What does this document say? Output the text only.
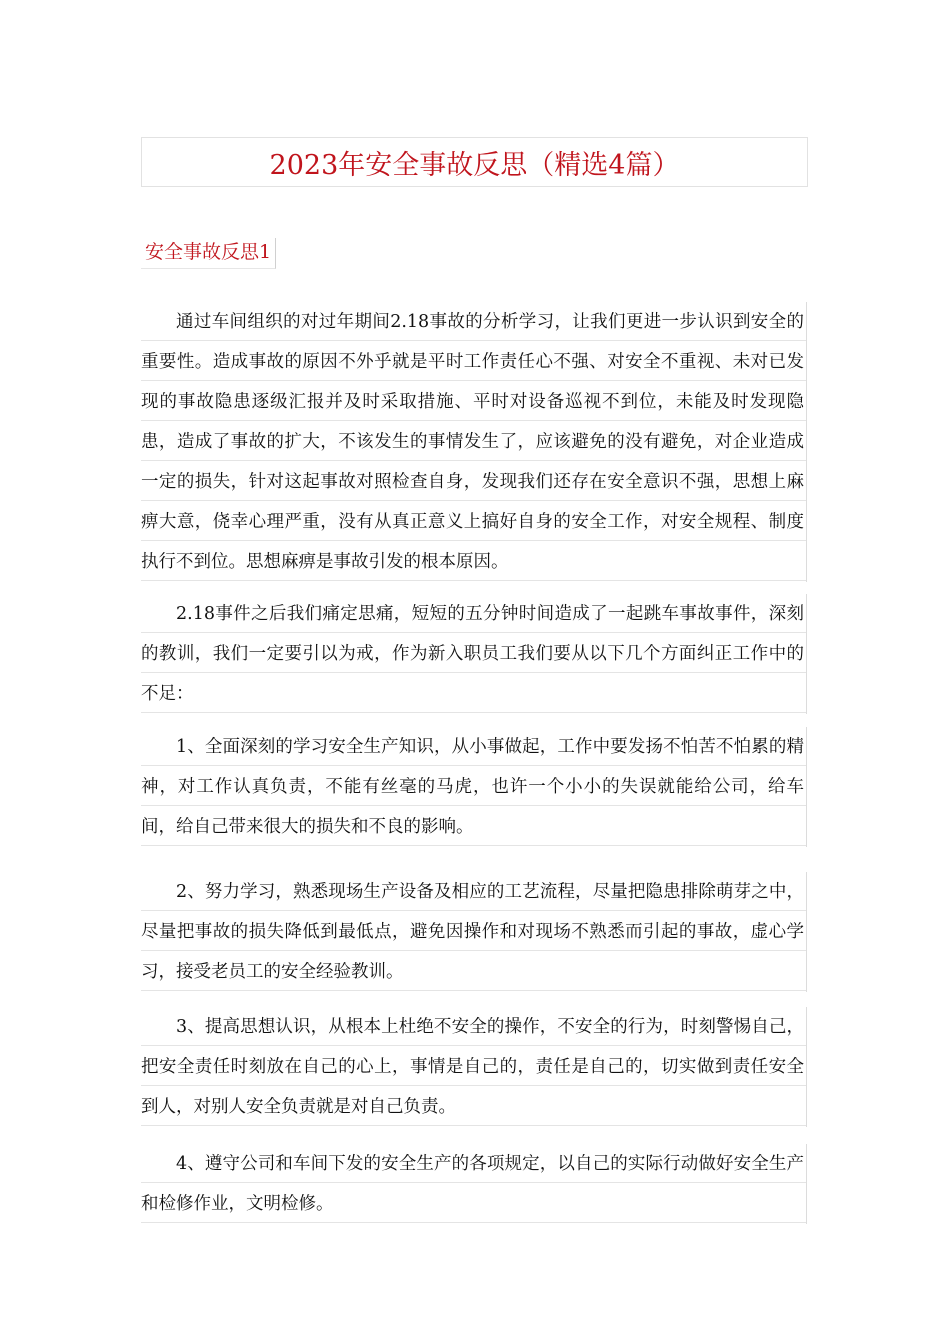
2023年安全事故反思（精选4篇）
安全事故反思1

通过车间组织的对过年期间2.18事故的分析学习，让我们更进一步认识到安全的重要性。造成事故的原因不外乎就是平时工作责任心不强、对安全不重视、未对已发现的事故隐患逐级汇报并及时采取措施、平时对设备巡视不到位，未能及时发现隐患，造成了事故的扩大，不该发生的事情发生了，应该避免的没有避免，对企业造成一定的损失，针对这起事故对照检查自身，发现我们还存在安全意识不强，思想上麻痹大意，侥幸心理严重，没有从真正意义上搞好自身的安全工作，对安全规程、制度执行不到位。思想麻痹是事故引发的根本原因。

2.18事件之后我们痛定思痛，短短的五分钟时间造成了一起跳车事故事件，深刻的教训，我们一定要引以为戒，作为新入职员工我们要从以下几个方面纠正工作中的不足：

1、全面深刻的学习安全生产知识，从小事做起，工作中要发扬不怕苦不怕累的精神，对工作认真负责，不能有丝毫的马虎，也许一个小小的失误就能给公司，给车间，给自己带来很大的损失和不良的影响。

2、努力学习，熟悉现场生产设备及相应的工艺流程，尽量把隐患排除萌芽之中，尽量把事故的损失降低到最低点，避免因操作和对现场不熟悉而引起的事故，虚心学习，接受老员工的安全经验教训。

3、提高思想认识，从根本上杜绝不安全的操作，不安全的行为，时刻警惕自己，把安全责任时刻放在自己的心上，事情是自己的，责任是自己的，切实做到责任安全到人，对别人安全负责就是对自己负责。

4、遵守公司和车间下发的安全生产的各项规定，以自己的实际行动做好安全生产和检修作业，文明检修。
